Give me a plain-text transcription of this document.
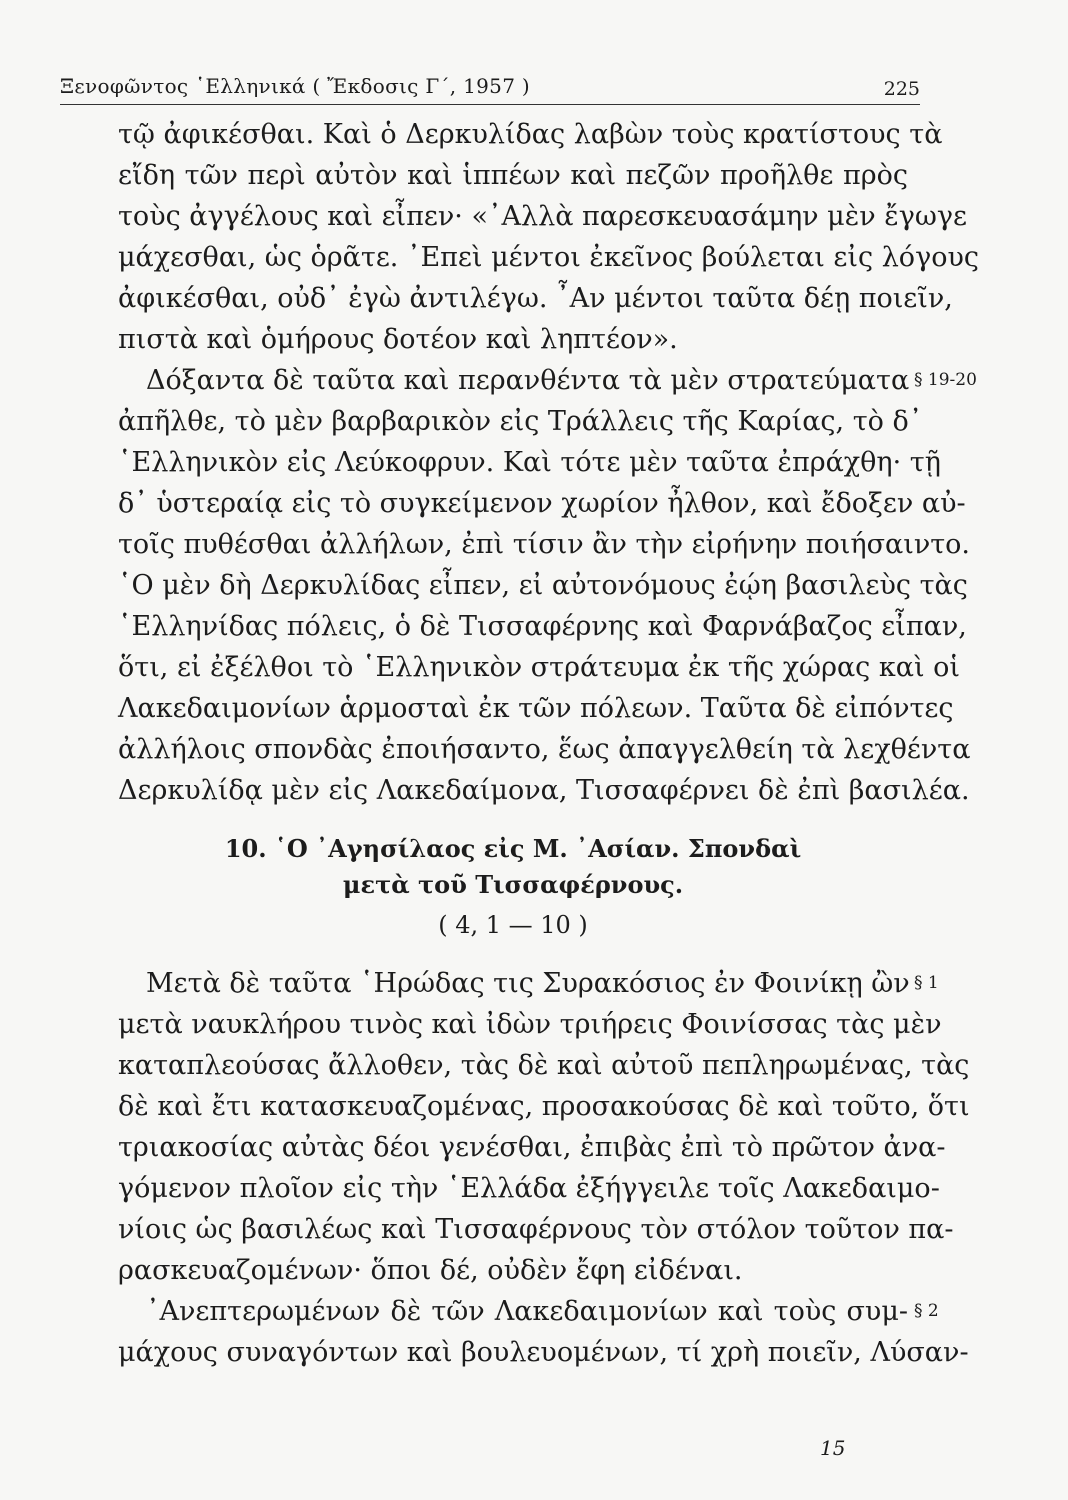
Ξενοφῶντος ῾Ελληνικά ( Ἔκδοσις Γ΄, 1957 )	225
τῷ ἀφικέσθαι. Καὶ ὁ Δερκυλίδας λαβὼν τοὺς κρατίστους τὰ
εἴδη τῶν περὶ αὐτὸν καὶ ἱππέων καὶ πεζῶν προῆλθε πρὸς
τοὺς ἀγγέλους καὶ εἶπεν· «᾿Αλλὰ παρεσκευασάμην μὲν ἔγωγε
μάχεσθαι, ὡς ὁρᾶτε. ᾿Επεὶ μέντοι ἐκεῖνος βούλεται εἰς λόγους
ἀφικέσθαι, οὐδ᾿ ἐγὼ ἀντιλέγω. ῏Αν μέντοι ταῦτα δέῃ ποιεῖν,
πιστὰ καὶ ὁμήρους δοτέον καὶ ληπτέον».
Δόξαντα δὲ ταῦτα καὶ περανθέντα τὰ μὲν στρατεύματα § 19-20
ἀπῆλθε, τὸ μὲν βαρβαρικὸν εἰς Τράλλεις τῆς Καρίας, τὸ δ᾿
῾Ελληνικὸν εἰς Λεύκοφρυν. Καὶ τότε μὲν ταῦτα ἐπράχθη· τῇ
δ᾿ ὑστεραίᾳ εἰς τὸ συγκείμενον χωρίον ἦλθον, καὶ ἔδοξεν αὐ-
τοῖς πυθέσθαι ἀλλήλων, ἐπὶ τίσιν ἂν τὴν εἰρήνην ποιήσαιντο.
῾Ο μὲν δὴ Δερκυλίδας εἶπεν, εἰ αὐτονόμους ἐῴη βασιλεὺς τὰς
῾Ελληνίδας πόλεις, ὁ δὲ Τισσαφέρνης καὶ Φαρνάβαζος εἶπαν,
ὅτι, εἰ ἐξέλθοι τὸ ῾Ελληνικὸν στράτευμα ἐκ τῆς χώρας καὶ οἱ
Λακεδαιμονίων ἁρμοσταὶ ἐκ τῶν πόλεων. Ταῦτα δὲ εἰπόντες
ἀλλήλοις σπονδὰς ἐποιήσαντο, ἕως ἀπαγγελθείη τὰ λεχθέντα
Δερκυλίδᾳ μὲν εἰς Λακεδαίμονα, Τισσαφέρνει δὲ ἐπὶ βασιλέα.
10. ῾Ο ᾿Αγησίλαος εἰς Μ. ᾿Ασίαν. Σπονδαὶ
μετὰ τοῦ Τισσαφέρνους.
( 4, 1 — 10 )
Μετὰ δὲ ταῦτα ῾Ηρώδας τις Συρακόσιος ἐν Φοινίκῃ ὢν § 1
μετὰ ναυκλήρου τινὸς καὶ ἰδὼν τριήρεις Φοινίσσας τὰς μὲν
καταπλεούσας ἄλλοθεν, τὰς δὲ καὶ αὐτοῦ πεπληρωμένας, τὰς
δὲ καὶ ἔτι κατασκευαζομένας, προσακούσας δὲ καὶ τοῦτο, ὅτι
τριακοσίας αὐτὰς δέοι γενέσθαι, ἐπιβὰς ἐπὶ τὸ πρῶτον ἀνα-
γόμενον πλοῖον εἰς τὴν ῾Ελλάδα ἐξήγγειλε τοῖς Λακεδαιμο-
νίοις ὡς βασιλέως καὶ Τισσαφέρνους τὸν στόλον τοῦτον πα-
ρασκευαζομένων· ὅποι δέ, οὐδὲν ἔφη εἰδέναι.
᾿Ανεπτερωμένων δὲ τῶν Λακεδαιμονίων καὶ τοὺς συμ- § 2
μάχους συναγόντων καὶ βουλευομένων, τί χρὴ ποιεῖν, Λύσαν-
15
